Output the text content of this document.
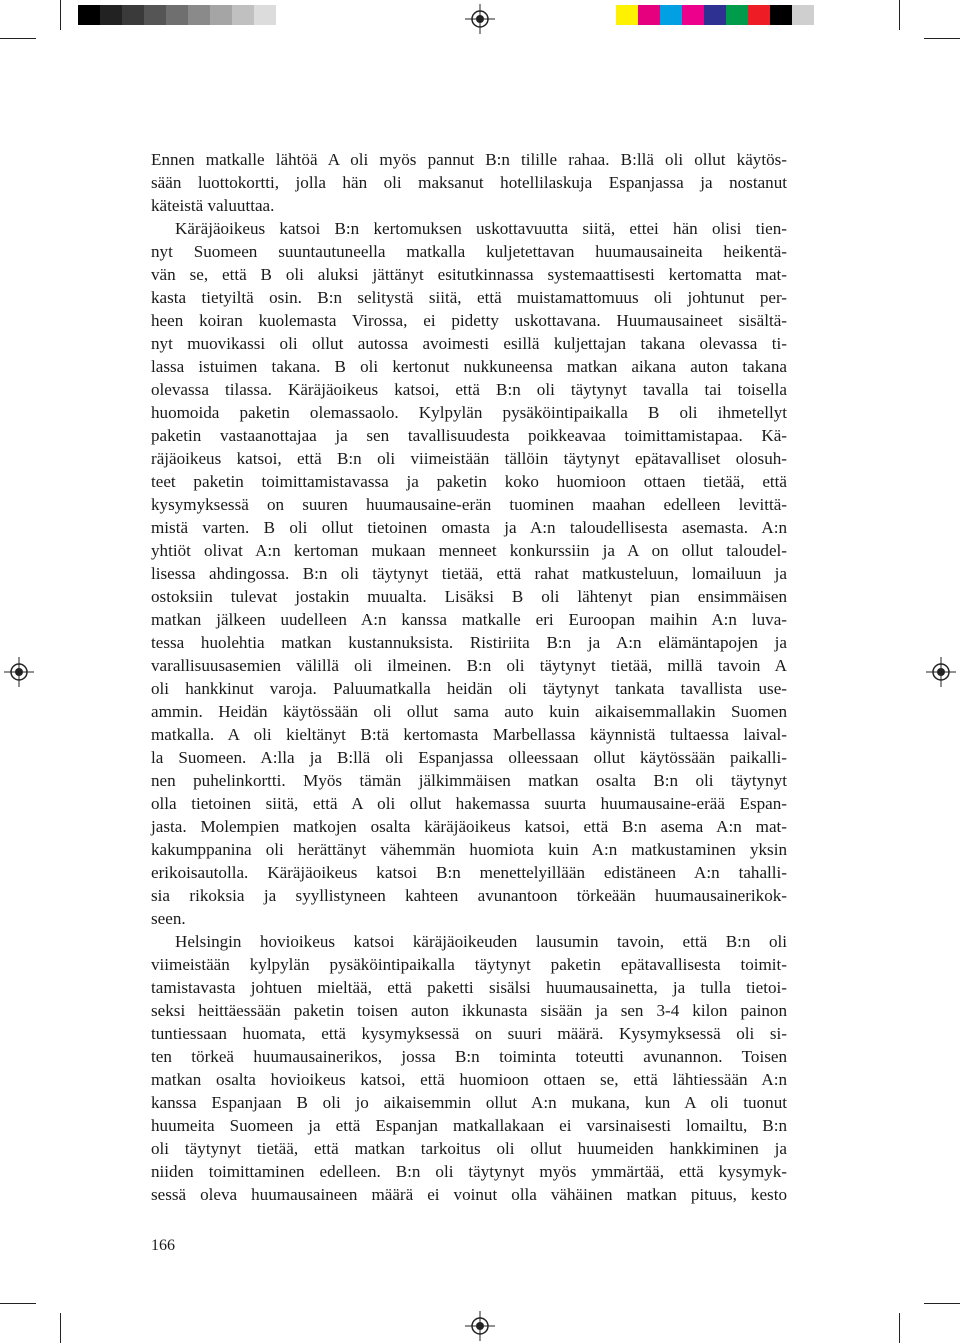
Ennen matkalle lähtöä A oli myös pannut B:n tilille rahaa. B:llä oli ollut käytös-
sään luottokortti, jolla hän oli maksanut hotellilaskuja Espanjassa ja nostanut
käteistä valuuttaa.
Käräjäoikeus katsoi B:n kertomuksen uskottavuutta siitä, ettei hän olisi tien-
nyt Suomeen suuntautuneella matkalla kuljetettavan huumausaineita heikentä-
vän se, että B oli aluksi jättänyt esitutkinnassa systemaattisesti kertomatta mat-
kasta tietyiltä osin. B:n selitystä siitä, että muistamattomuus oli johtunut per-
heen koiran kuolemasta Virossa, ei pidetty uskottavana. Huumausaineet sisältä-
nyt muovikassi oli ollut autossa avoimesti esillä kuljettajan takana olevassa ti-
lassa istuimen takana. B oli kertonut nukkuneensa matkan aikana auton takana
olevassa tilassa. Käräjäoikeus katsoi, että B:n oli täytynyt tavalla tai toisella
huomoida paketin olemassaolo. Kylpylän pysäköintipaikalla B oli ihmetellyt
paketin vastaanottajaa ja sen tavallisuudesta poikkeavaa toimittamistapaa. Kä-
räjäoikeus katsoi, että B:n oli viimeistään tällöin täytynyt epätavalliset olosuh-
teet paketin toimittamistavassa ja paketin koko huomioon ottaen tietää, että
kysymyksessä on suuren huumausaine-erän tuominen maahan edelleen levittä-
mistä varten. B oli ollut tietoinen omasta ja A:n taloudellisesta asemasta. A:n
yhtiöt olivat A:n kertoman mukaan menneet konkurssiin ja A on ollut taloudel-
lisessa ahdingossa. B:n oli täytynyt tietää, että rahat matkusteluun, lomailuun ja
ostoksiin tulevat jostakin muualta. Lisäksi B oli lähtenyt pian ensimmäisen
matkan jälkeen uudelleen A:n kanssa matkalle eri Euroopan maihin A:n luva-
tessa huolehtia matkan kustannuksista. Ristiriita B:n ja A:n elämäntapojen ja
varallisuusasemien välillä oli ilmeinen. B:n oli täytynyt tietää, millä tavoin A
oli hankkinut varoja. Paluumatkalla heidän oli täytynyt tankata tavallista use-
ammin. Heidän käytössään oli ollut sama auto kuin aikaisemmallakin Suomen
matkalla. A oli kieltänyt B:tä kertomasta Marbellassa käynnistä tultaessa laival-
la Suomeen. A:lla ja B:llä oli Espanjassa olleessaan ollut käytössään paikalli-
nen puhelinkortti. Myös tämän jälkimmäisen matkan osalta B:n oli täytynyt
olla tietoinen siitä, että A oli ollut hakemassa suurta huumausaine-erää Espan-
jasta. Molempien matkojen osalta käräjäoikeus katsoi, että B:n asema A:n mat-
kakumppanina oli herättänyt vähemmän huomiota kuin A:n matkustaminen yksin
erikoisautolla. Käräjäoikeus katsoi B:n menettelyillään edistäneen A:n tahalli-
sia rikoksia ja syyllistyneen kahteen avunantoon törkeään huumausainerikok-
seen.
Helsingin hovioikeus katsoi käräjäoikeuden lausumin tavoin, että B:n oli
viimeistään kylpylän pysäköintipaikalla täytynyt paketin epätavallisesta toimit-
tamistavasta johtuen mieltää, että paketti sisälsi huumausainetta, ja tulla tietoi-
seksi heittäessään paketin toisen auton ikkunasta sisään ja sen 3-4 kilon painon
tuntiessaan huomata, että kysymyksessä on suuri määrä. Kysymyksessä oli si-
ten törkeä huumausainerikos, jossa B:n toiminta toteutti avunannon. Toisen
matkan osalta hovioikeus katsoi, että huomioon ottaen se, että lähtiessään A:n
kanssa Espanjaan B oli jo aikaisemmin ollut A:n mukana, kun A oli tuonut
huumeita Suomeen ja että Espanjan matkallakaan ei varsinaisesti lomailtu, B:n
oli täytynyt tietää, että matkan tarkoitus oli ollut huumeiden hankkiminen ja
niiden toimittaminen edelleen. B:n oli täytynyt myös ymmärtää, että kysymyk-
sessä oleva huumausaineen määrä ei voinut olla vähäinen matkan pituus, kesto
166
